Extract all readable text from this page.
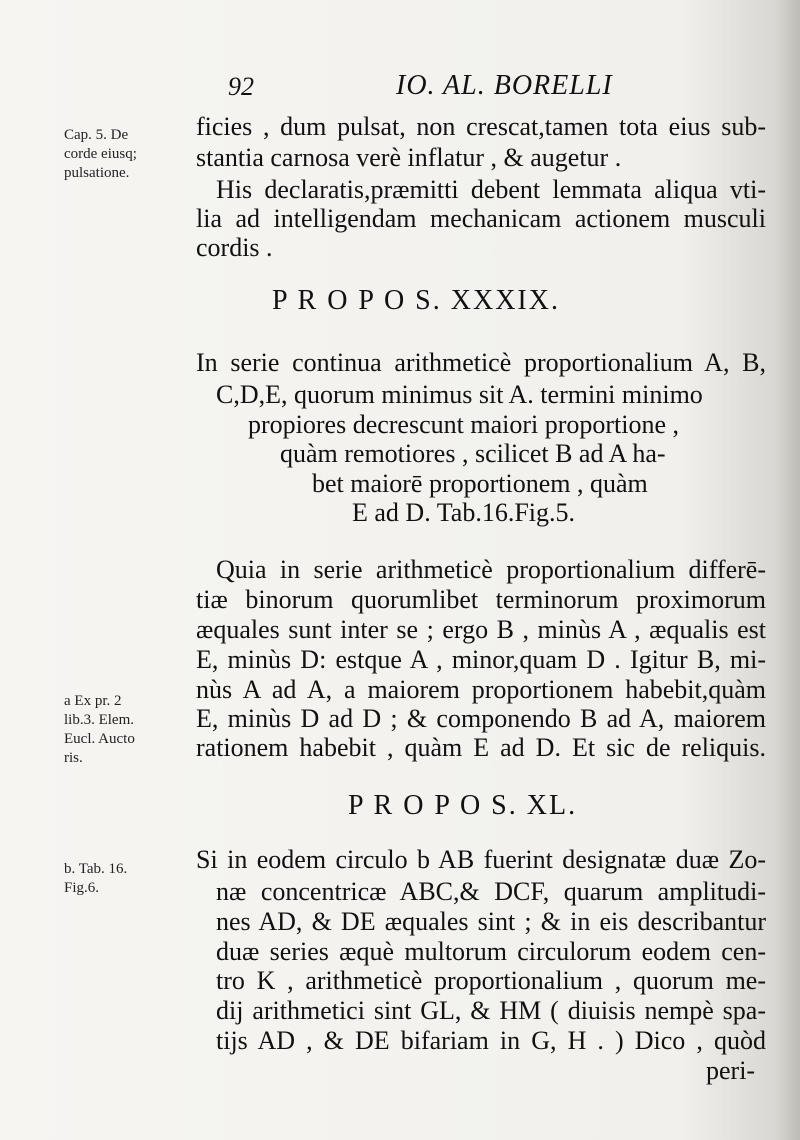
92	IO. AL. BORELLI
Cap. 5. De
corde eiusq;
pulsatione.
ficies , dum pulsat, non crescat,tamen tota eius sub-
stantia carnosa verè inflatur , & augetur .
His declaratis,præmitti debent lemmata aliqua vti-
lia ad intelligendam mechanicam actionem musculi
cordis .
P R O P O S. XXXIX.
In serie continua arithmeticè proportionalium A, B,
C,D,E, quorum minimus sit A. termini minimo
propiores decrescunt maiori proportione ,
quàm remotiores , scilicet B ad A ha-
bet maiorē proportionem , quàm
E ad D. Tab.16.Fig.5.
Quia in serie arithmeticè proportionalium differē-
tiæ binorum quorumlibet terminorum proximorum
æquales sunt inter se ; ergo B , minùs A , æqualis est
E, minùs D: estque A , minor,quam D . Igitur B, mi-
nùs A ad A, a maiorem proportionem habebit,quàm
E, minùs D ad D ; & componendo B ad A, maiorem
rationem habebit , quàm E ad D. Et sic de reliquis.
a Ex pr. 2
lib.3. Elem.
Eucl. Aucto
ris.
P R O P O S. XL.
b. Tab. 16.
Fig.6.
Si in eodem circulo b AB fuerint designatæ duæ Zo-
næ concentricæ ABC,& DCF, quarum amplitudi-
nes AD, & DE æquales sint ; & in eis describantur
duæ series æquè multorum circulorum eodem cen-
tro K , arithmeticè proportionalium , quorum me-
dij arithmetici sint GL, & HM ( diuisis nempè spa-
tijs AD , & DE bifariam in G, H . ) Dico , quòd
peri-
